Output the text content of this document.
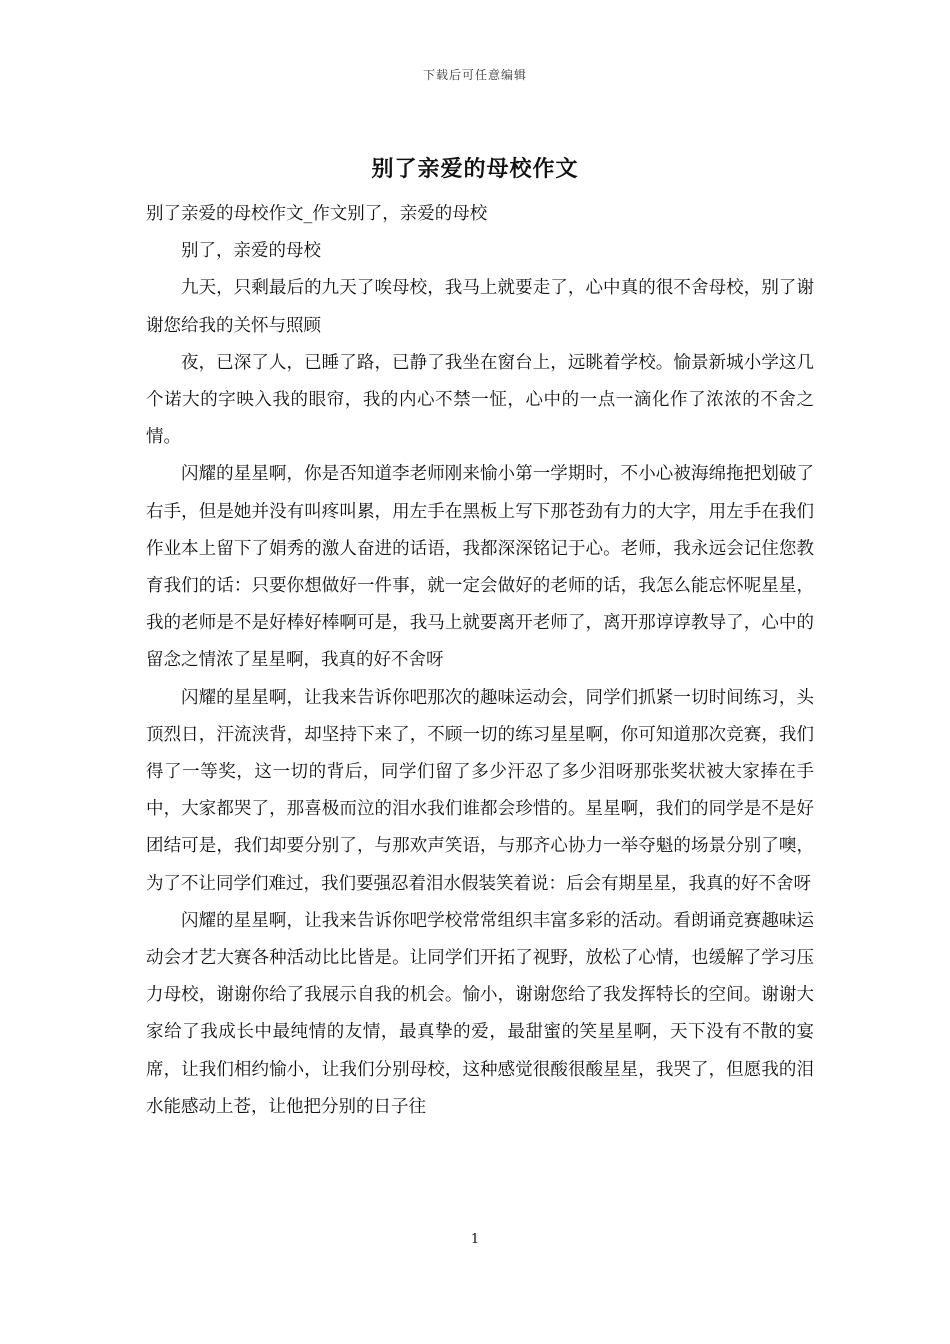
下载后可任意编辑
别了亲爱的母校作文

别了亲爱的母校作文_作文别了，亲爱的母校

别了，亲爱的母校

九天，只剩最后的九天了唉母校，我马上就要走了，心中真的很不舍母校，别了谢谢您给我的关怀与照顾

夜，已深了人，已睡了路，已静了我坐在窗台上，远眺着学校。愉景新城小学这几个诺大的字映入我的眼帘，我的内心不禁一怔，心中的一点一滴化作了浓浓的不舍之情。

闪耀的星星啊，你是否知道李老师刚来愉小第一学期时，不小心被海绵拖把划破了右手，但是她并没有叫疼叫累，用左手在黑板上写下那苍劲有力的大字，用左手在我们作业本上留下了娟秀的激人奋进的话语，我都深深铭记于心。老师，我永远会记住您教育我们的话：只要你想做好一件事，就一定会做好的老师的话，我怎么能忘怀呢星星，我的老师是不是好棒好棒啊可是，我马上就要离开老师了，离开那谆谆教导了，心中的留念之情浓了星星啊，我真的好不舍呀

闪耀的星星啊，让我来告诉你吧那次的趣味运动会，同学们抓紧一切时间练习，头顶烈日，汗流浃背，却坚持下来了，不顾一切的练习星星啊，你可知道那次竞赛，我们得了一等奖，这一切的背后，同学们留了多少汗忍了多少泪呀那张奖状被大家捧在手中，大家都哭了，那喜极而泣的泪水我们谁都会珍惜的。星星啊，我们的同学是不是好团结可是，我们却要分别了，与那欢声笑语，与那齐心协力一举夺魁的场景分别了噢，为了不让同学们难过，我们要强忍着泪水假装笑着说：后会有期星星，我真的好不舍呀

闪耀的星星啊，让我来告诉你吧学校常常组织丰富多彩的活动。看朗诵竞赛趣味运动会才艺大赛各种活动比比皆是。让同学们开拓了视野，放松了心情，也缓解了学习压力母校，谢谢你给了我展示自我的机会。愉小，谢谢您给了我发挥特长的空间。谢谢大家给了我成长中最纯情的友情，最真挚的爱，最甜蜜的笑星星啊，天下没有不散的宴席，让我们相约愉小，让我们分别母校，这种感觉很酸很酸星星，我哭了，但愿我的泪水能感动上苍，让他把分别的日子往

1
